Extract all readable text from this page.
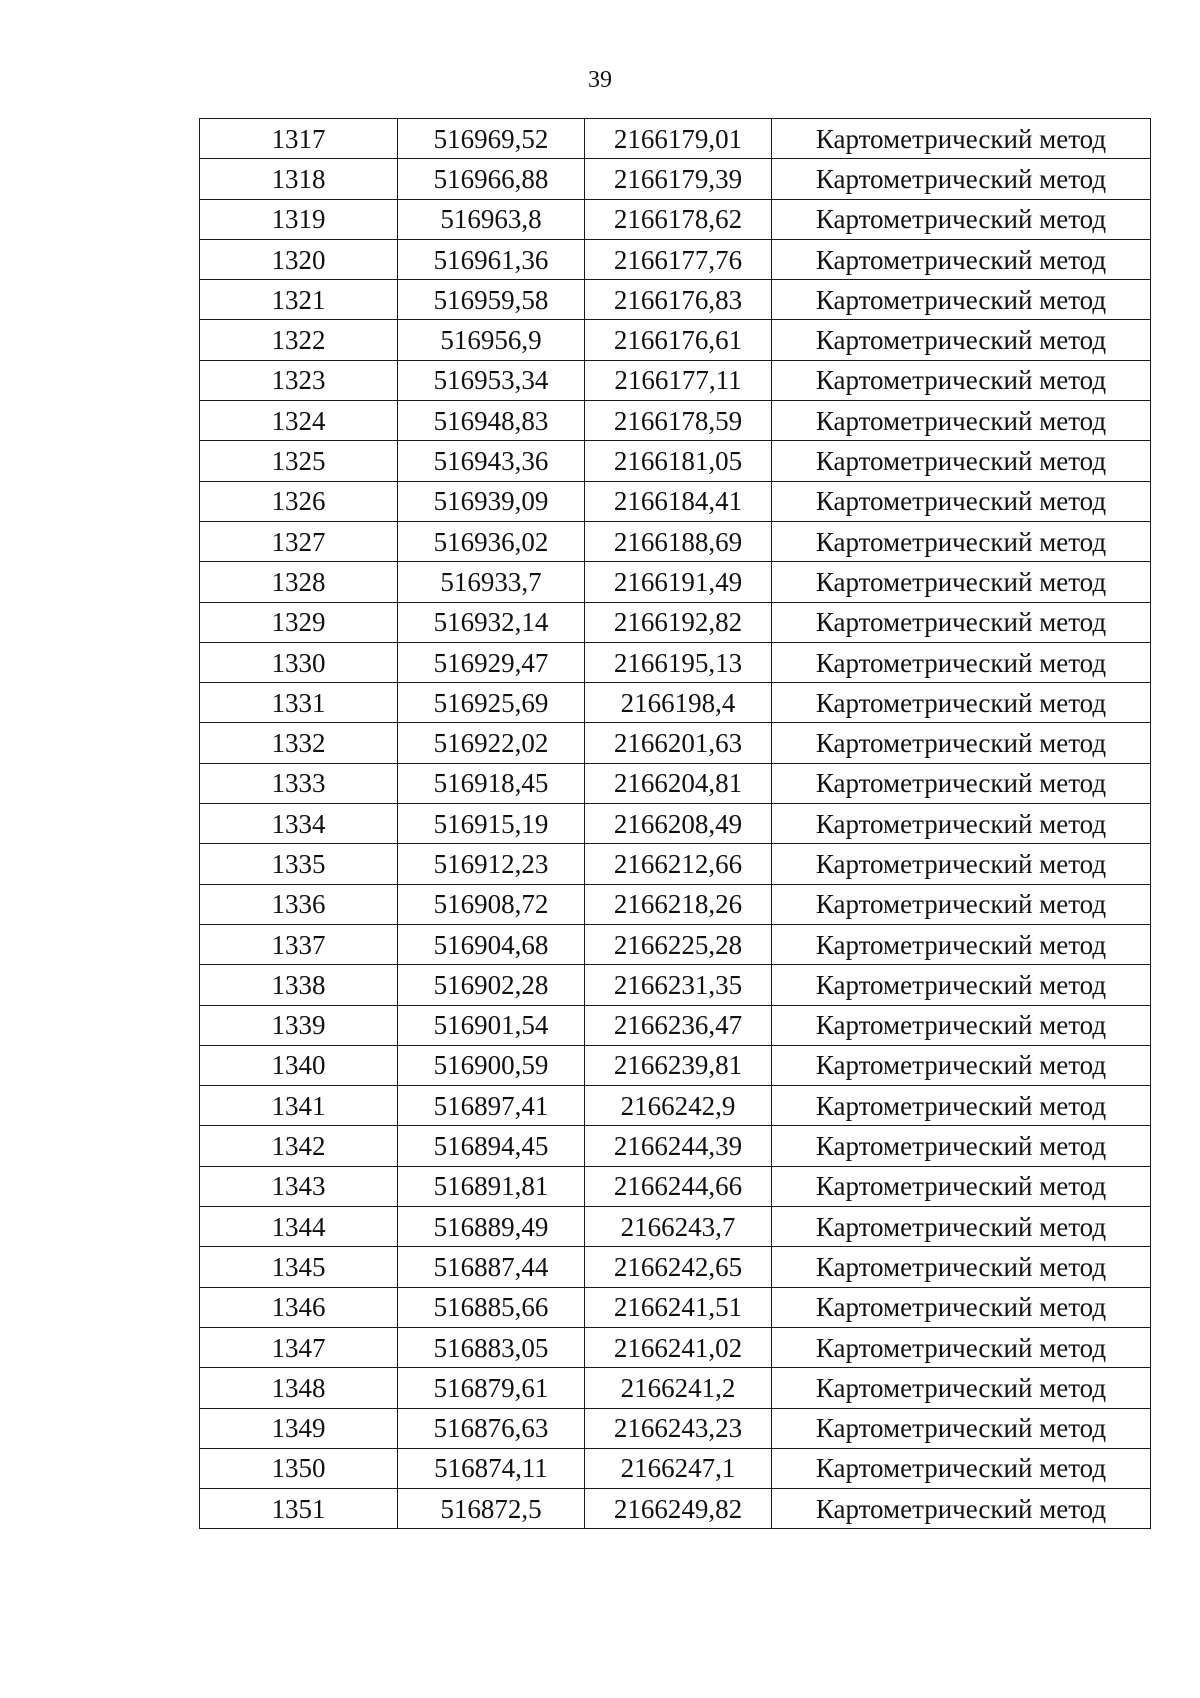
39
1317	516969,52	2166179,01	Картометрический метод
1318	516966,88	2166179,39	Картометрический метод
1319	516963,8	2166178,62	Картометрический метод
1320	516961,36	2166177,76	Картометрический метод
1321	516959,58	2166176,83	Картометрический метод
1322	516956,9	2166176,61	Картометрический метод
1323	516953,34	2166177,11	Картометрический метод
1324	516948,83	2166178,59	Картометрический метод
1325	516943,36	2166181,05	Картометрический метод
1326	516939,09	2166184,41	Картометрический метод
1327	516936,02	2166188,69	Картометрический метод
1328	516933,7	2166191,49	Картометрический метод
1329	516932,14	2166192,82	Картометрический метод
1330	516929,47	2166195,13	Картометрический метод
1331	516925,69	2166198,4	Картометрический метод
1332	516922,02	2166201,63	Картометрический метод
1333	516918,45	2166204,81	Картометрический метод
1334	516915,19	2166208,49	Картометрический метод
1335	516912,23	2166212,66	Картометрический метод
1336	516908,72	2166218,26	Картометрический метод
1337	516904,68	2166225,28	Картометрический метод
1338	516902,28	2166231,35	Картометрический метод
1339	516901,54	2166236,47	Картометрический метод
1340	516900,59	2166239,81	Картометрический метод
1341	516897,41	2166242,9	Картометрический метод
1342	516894,45	2166244,39	Картометрический метод
1343	516891,81	2166244,66	Картометрический метод
1344	516889,49	2166243,7	Картометрический метод
1345	516887,44	2166242,65	Картометрический метод
1346	516885,66	2166241,51	Картометрический метод
1347	516883,05	2166241,02	Картометрический метод
1348	516879,61	2166241,2	Картометрический метод
1349	516876,63	2166243,23	Картометрический метод
1350	516874,11	2166247,1	Картометрический метод
1351	516872,5	2166249,82	Картометрический метод
